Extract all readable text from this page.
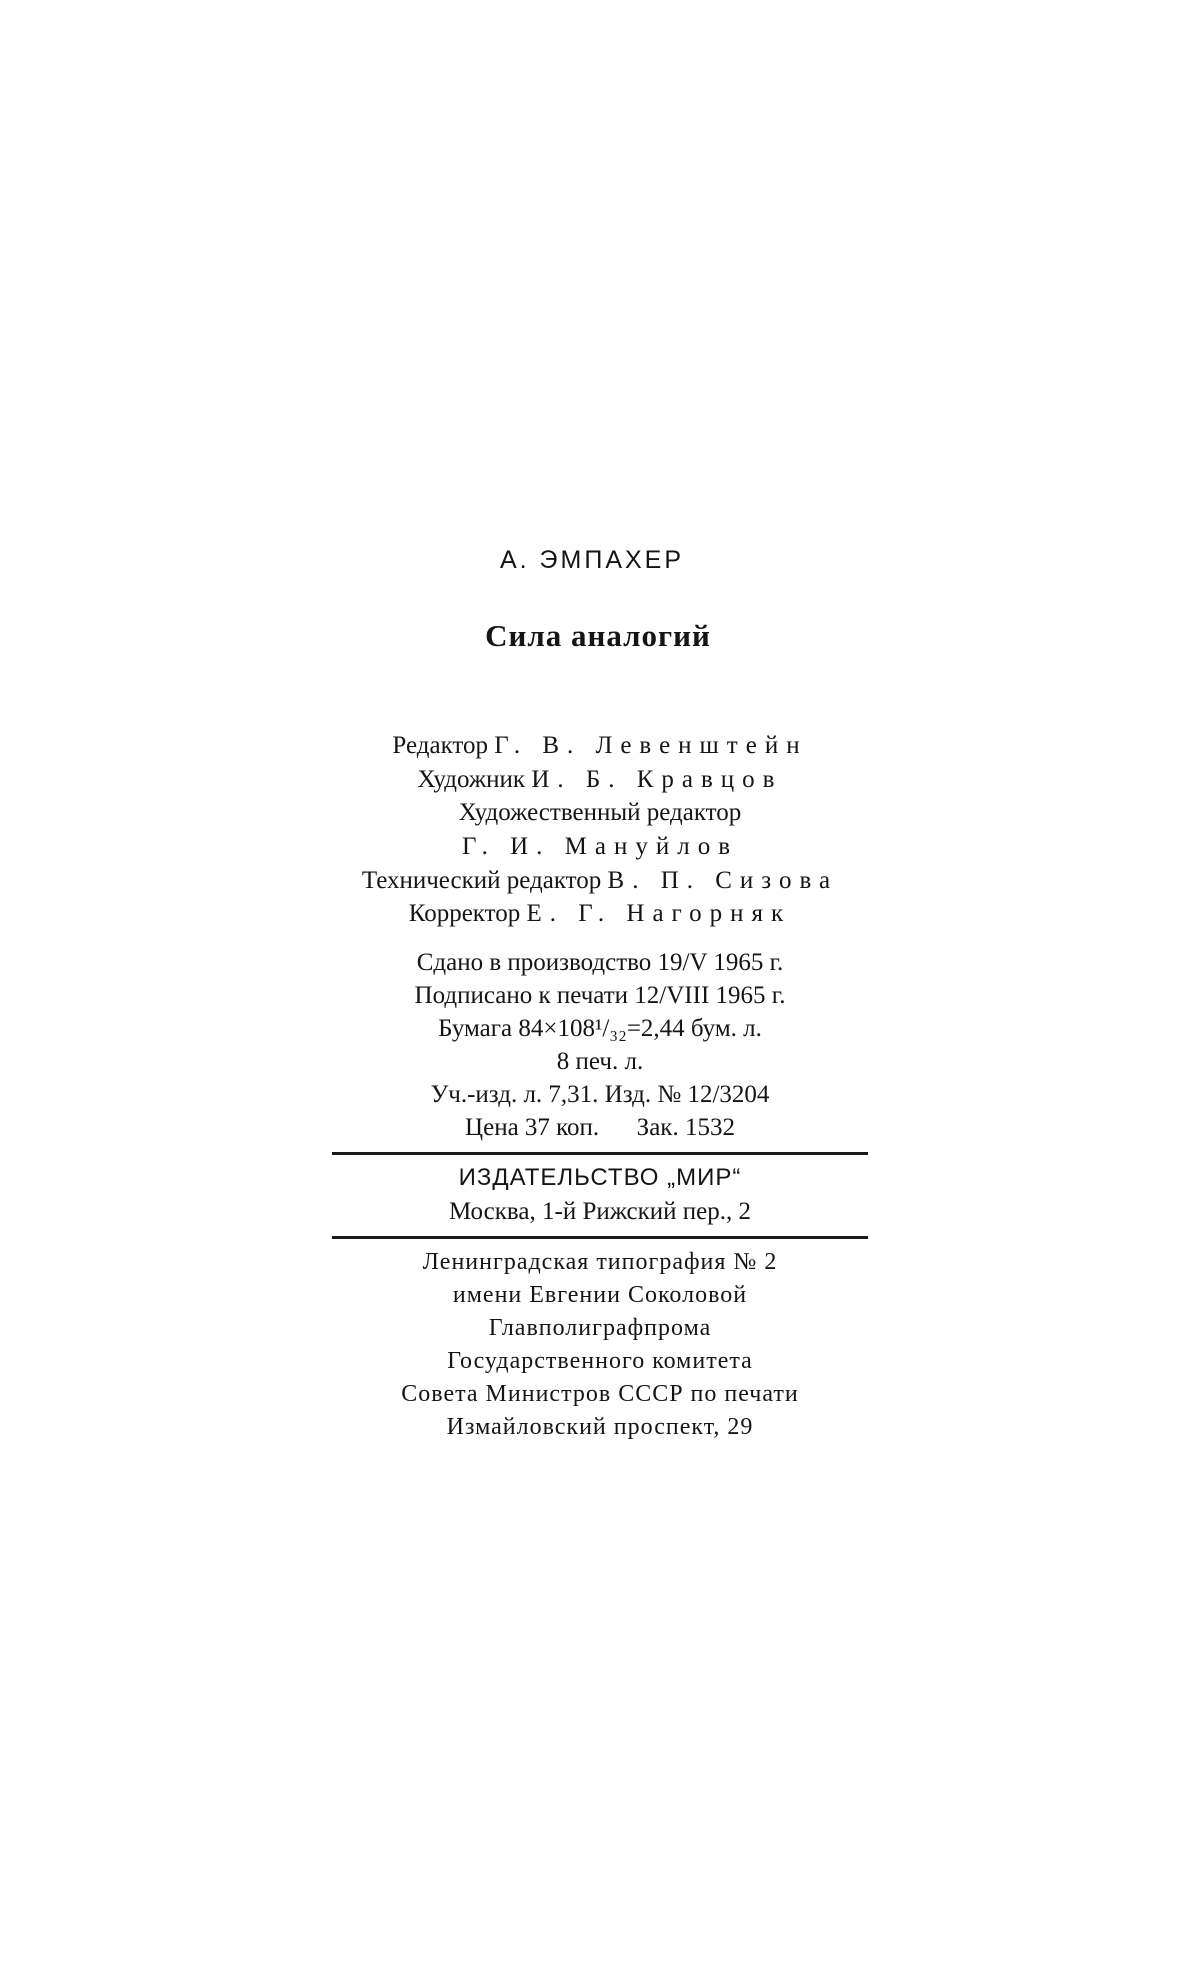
А. ЭМПАХЕР
Сила аналогий
Редактор Г. В. Левенштейн
Художник И. Б. Кравцов
Художественный редактор
Г. И. Мануйлов
Технический редактор В. П. Сизова
Корректор Е. Г. Нагорняк
Сдано в производство 19/V 1965 г.
Подписано к печати 12/VIII 1965 г.
Бумага 84×108¹/₃₂=2,44 бум. л.
8 печ. л.
Уч.-изд. л. 7,31. Изд. № 12/3204
Цена 37 коп.      Зак. 1532
ИЗДАТЕЛЬСТВО „МИР“
Москва, 1-й Рижский пер., 2
Ленинградская типография № 2
имени Евгении Соколовой
Главполиграфпрома
Государственного комитета
Совета Министров СССР по печати
Измайловский проспект, 29
